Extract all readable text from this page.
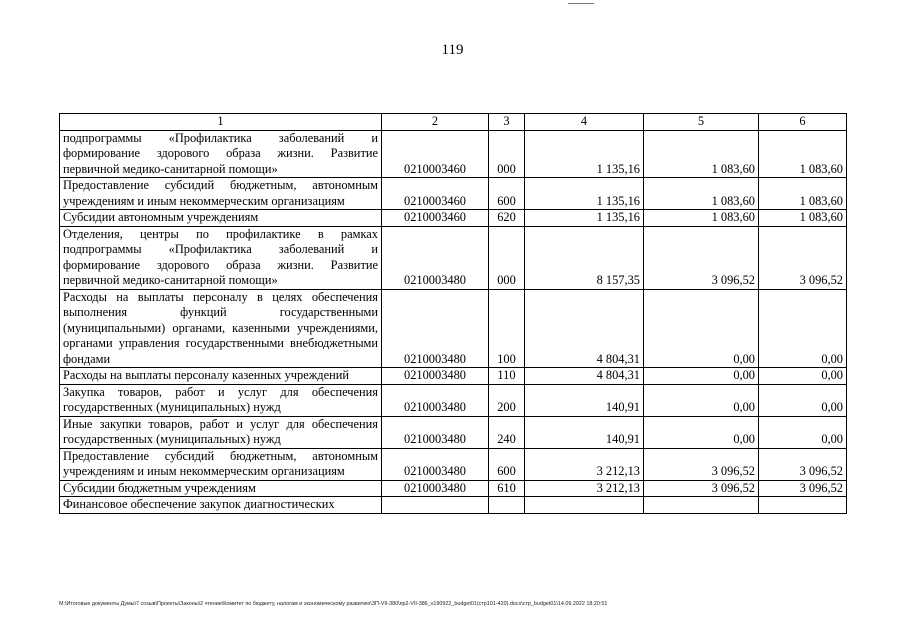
119
1	2	3	4	5	6
подпрограммы «Профилактика заболеваний и формирование здорового образа жизни. Развитие первичной медико-санитарной помощи»	0210003460	000	1 135,16	1 083,60	1 083,60
Предоставление субсидий бюджетным, автономным учреждениям и иным некоммерческим организациям	0210003460	600	1 135,16	1 083,60	1 083,60
Субсидии автономным учреждениям	0210003460	620	1 135,16	1 083,60	1 083,60
Отделения, центры по профилактике в рамках подпрограммы «Профилактика заболеваний и формирование здорового образа жизни. Развитие первичной медико-санитарной помощи»	0210003480	000	8 157,35	3 096,52	3 096,52
Расходы на выплаты персоналу в целях обеспечения выполнения функций государственными (муниципальными) органами, казенными учреждениями, органами управления государственными внебюджетными фондами	0210003480	100	4 804,31	0,00	0,00
Расходы на выплаты персоналу казенных учреждений	0210003480	110	4 804,31	0,00	0,00
Закупка товаров, работ и услуг для обеспечения государственных (муниципальных) нужд	0210003480	200	140,91	0,00	0,00
Иные закупки товаров, работ и услуг для обеспечения государственных (муниципальных) нужд	0210003480	240	140,91	0,00	0,00
Предоставление субсидий бюджетным, автономным учреждениям и иным некоммерческим организациям	0210003480	600	3 212,13	3 096,52	3 096,52
Субсидии бюджетным учреждениям	0210003480	610	3 212,13	3 096,52	3 096,52
Финансовое обеспечение закупок диагностических					
M:\Итоговые документы Думы\7 созыв\Проекты\Законы\2 чтение\Комитет по бюджету, налогам и экономическому развитию\ЗП-VII-380\пр2-VII-386_v190922_budget01(стр101-420).docx\стр_budget01\14.09.2022 18:20:51
